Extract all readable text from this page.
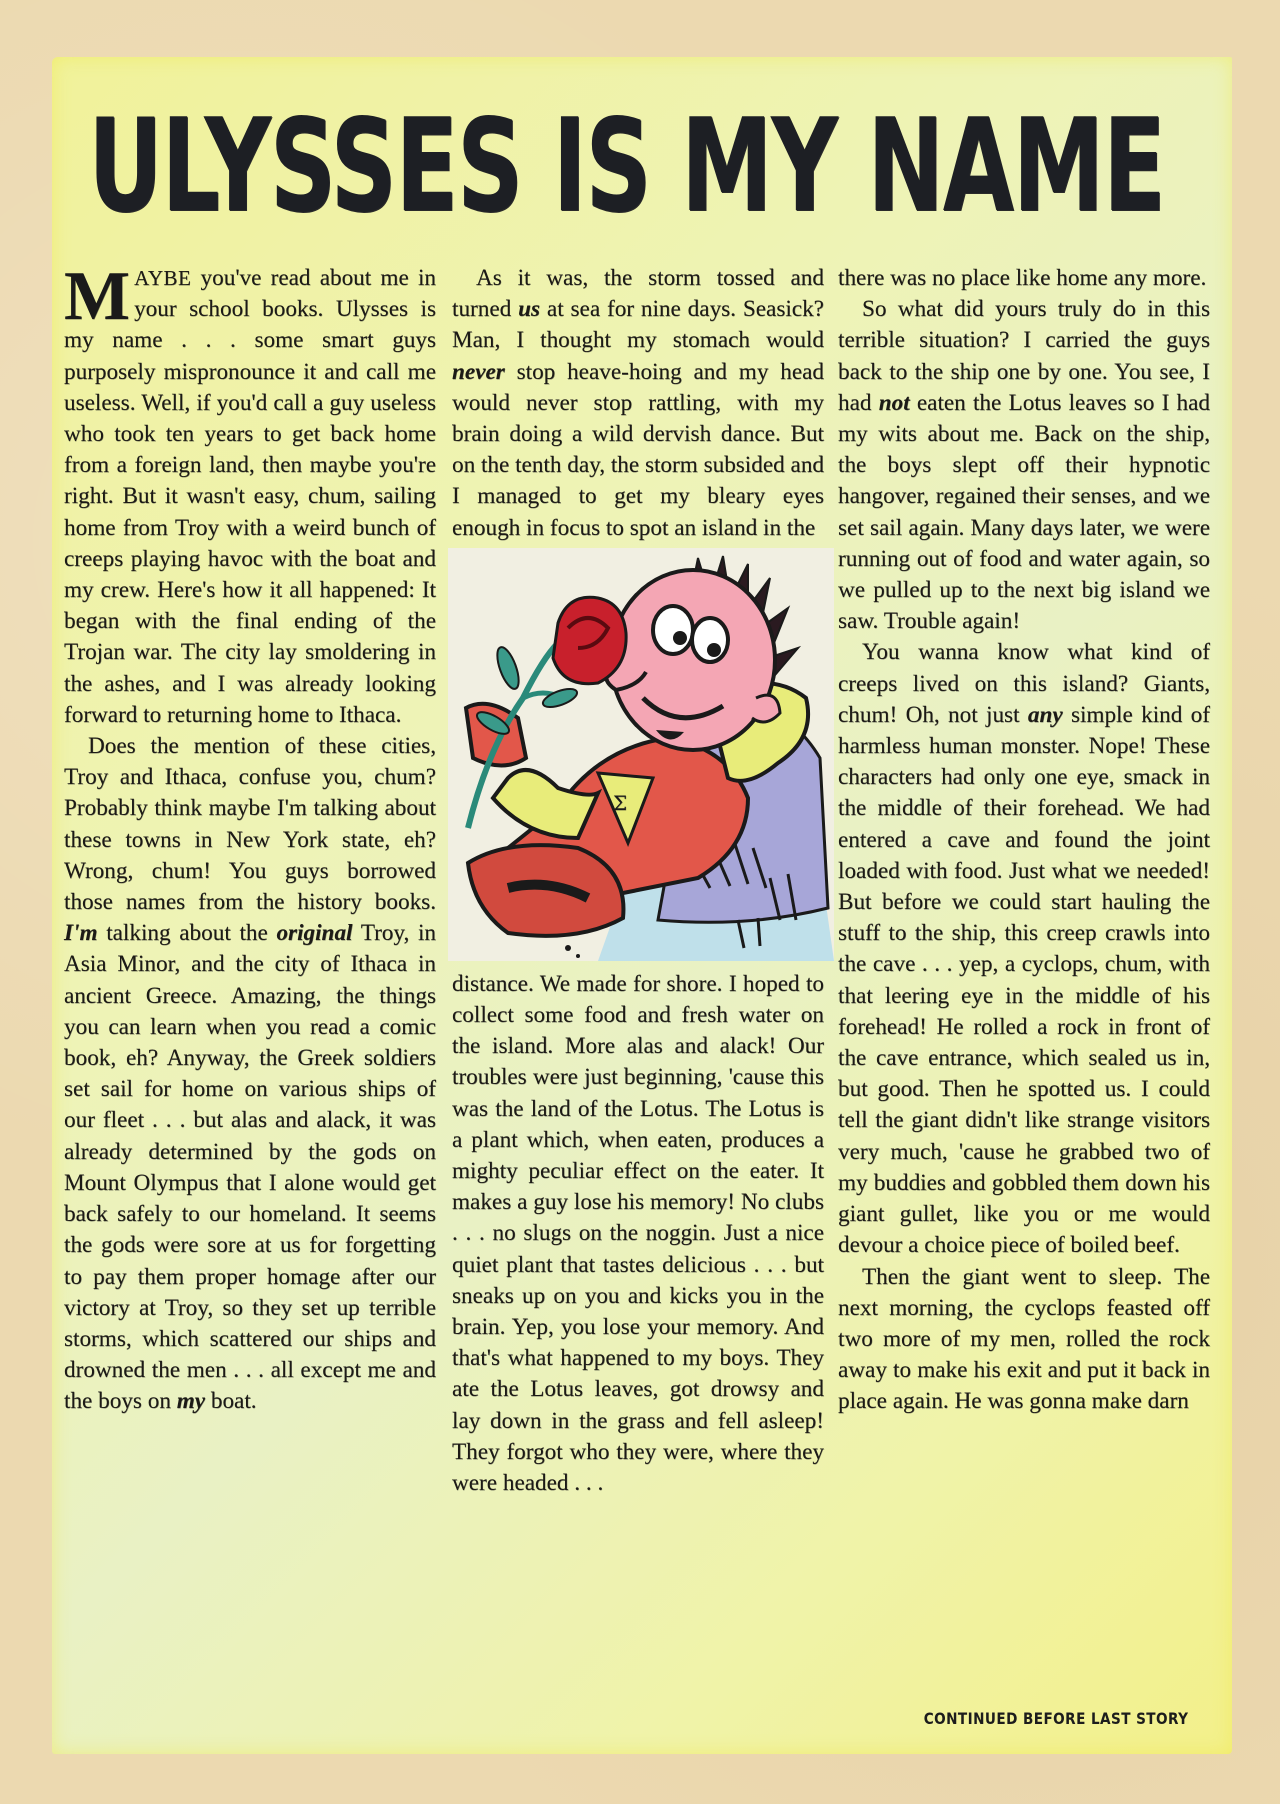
ULYSSES IS MY NAME

MAYBE you've read about me in your school books. Ulysses is my name . . . some smart guys purposely mispronounce it and call me useless. Well, if you'd call a guy useless who took ten years to get back home from a foreign land, then maybe you're right. But it wasn't easy, chum, sailing home from Troy with a weird bunch of creeps playing havoc with the boat and my crew. Here's how it all happened: It began with the final ending of the Trojan war. The city lay smoldering in the ashes, and I was already looking forward to returning home to Ithaca.

Does the mention of these cities, Troy and Ithaca, confuse you, chum? Probably think maybe I'm talking about these towns in New York state, eh? Wrong, chum! You guys borrowed those names from the history books. I'm talking about the original Troy, in Asia Minor, and the city of Ithaca in ancient Greece. Amazing, the things you can learn when you read a comic book, eh? Anyway, the Greek soldiers set sail for home on various ships of our fleet . . . but alas and alack, it was already determined by the gods on Mount Olympus that I alone would get back safely to our homeland. It seems the gods were sore at us for forgetting to pay them proper homage after our victory at Troy, so they set up terrible storms, which scattered our ships and drowned the men . . . all except me and the boys on my boat.

As it was, the storm tossed and turned us at sea for nine days. Seasick? Man, I thought my stomach would never stop heave-hoing and my head would never stop rattling, with my brain doing a wild dervish dance. But on the tenth day, the storm subsided and I managed to get my bleary eyes enough in focus to spot an island in the

Σ

distance. We made for shore. I hoped to collect some food and fresh water on the island. More alas and alack! Our troubles were just beginning, 'cause this was the land of the Lotus. The Lotus is a plant which, when eaten, produces a mighty peculiar effect on the eater. It makes a guy lose his memory! No clubs . . . no slugs on the noggin. Just a nice quiet plant that tastes delicious . . . but sneaks up on you and kicks you in the brain. Yep, you lose your memory. And that's what happened to my boys. They ate the Lotus leaves, got drowsy and lay down in the grass and fell asleep! They forgot who they were, where they were headed . . .

there was no place like home any more.

So what did yours truly do in this terrible situation? I carried the guys back to the ship one by one. You see, I had not eaten the Lotus leaves so I had my wits about me. Back on the ship, the boys slept off their hypnotic hangover, regained their senses, and we set sail again. Many days later, we were running out of food and water again, so we pulled up to the next big island we saw. Trouble again!

You wanna know what kind of creeps lived on this island? Giants, chum! Oh, not just any simple kind of harmless human monster. Nope! These characters had only one eye, smack in the middle of their forehead. We had entered a cave and found the joint loaded with food. Just what we needed! But before we could start hauling the stuff to the ship, this creep crawls into the cave . . . yep, a cyclops, chum, with that leering eye in the middle of his forehead! He rolled a rock in front of the cave entrance, which sealed us in, but good. Then he spotted us. I could tell the giant didn't like strange visitors very much, 'cause he grabbed two of my buddies and gobbled them down his giant gullet, like you or me would devour a choice piece of boiled beef.

Then the giant went to sleep. The next morning, the cyclops feasted off two more of my men, rolled the rock away to make his exit and put it back in place again. He was gonna make darn

CONTINUED BEFORE LAST STORY
